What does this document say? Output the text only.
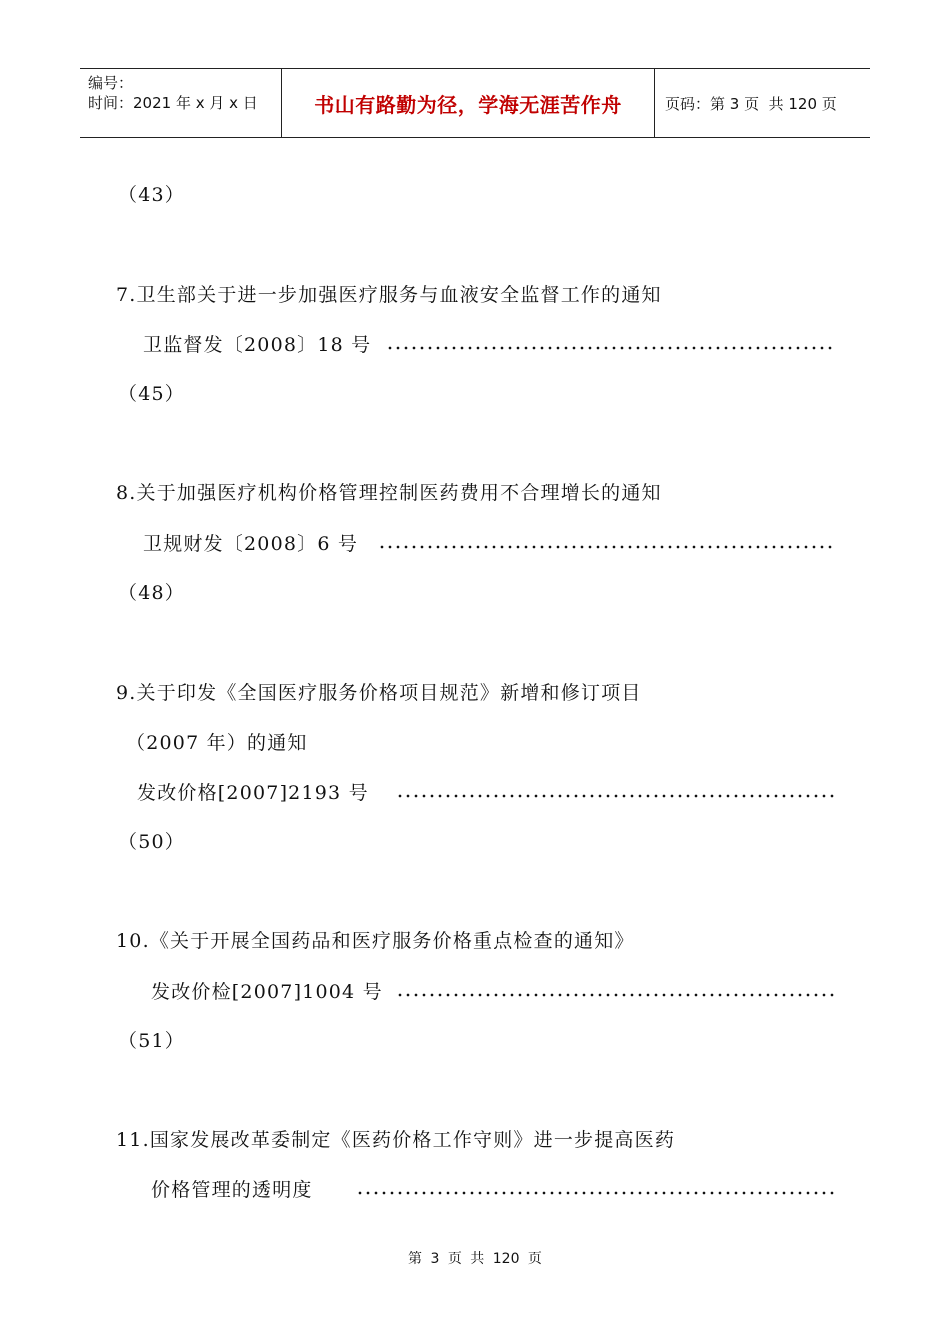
编号：
时间：2021 年 x 月 x 日	书山有路勤为径，学海无涯苦作舟	页码：第 3 页  共 120 页
（43）
7.卫生部关于进一步加强医疗服务与血液安全监督工作的通知
卫监督发〔2008〕18 号
（45）
8.关于加强医疗机构价格管理控制医药费用不合理增长的通知
卫规财发〔2008〕6 号
（48）
9.关于印发《全国医疗服务价格项目规范》新增和修订项目
（2007 年）的通知
发改价格[2007]2193 号
（50）
10.《关于开展全国药品和医疗服务价格重点检查的通知》
发改价检[2007]1004 号
（51）
11.国家发展改革委制定《医药价格工作守则》进一步提高医药
价格管理的透明度
第 3 页 共 120 页
